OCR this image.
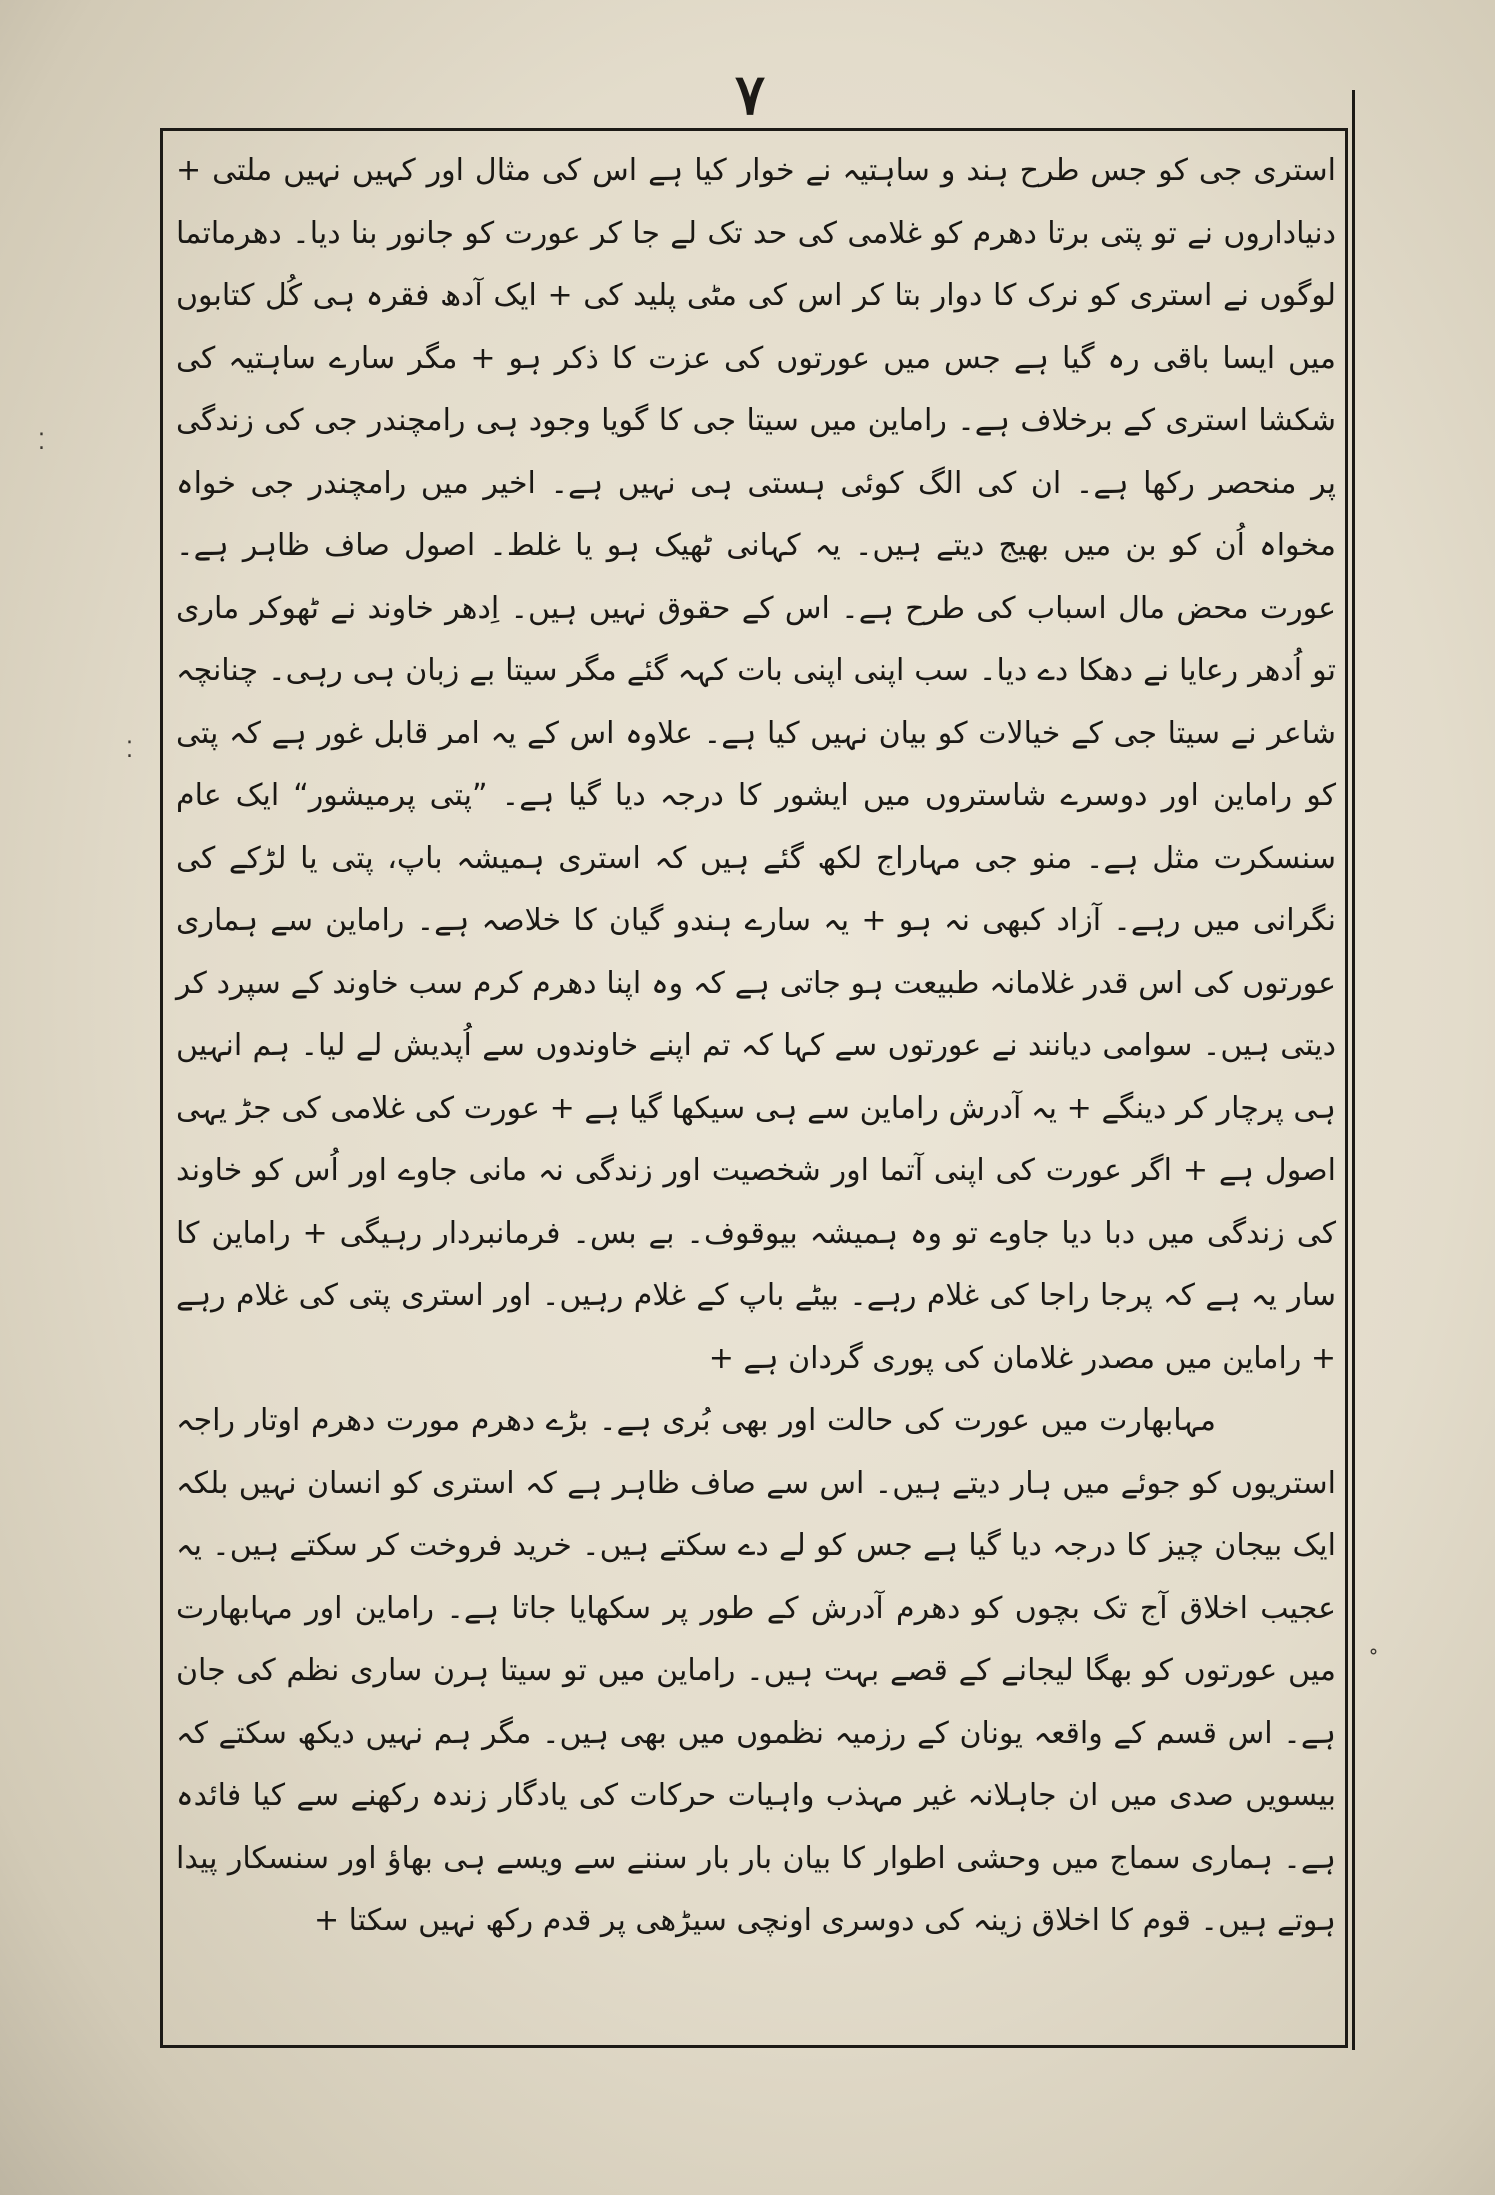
۷

استری جی کو جس طرح ہند و ساہتیہ نے خوار کیا ہے اس کی مثال اور کہیں نہیں ملتی + دنیاداروں نے تو پتی برتا دھرم کو غلامی کی حد تک لے جا کر عورت کو جانور بنا دیا۔ دھرماتما لوگوں نے استری کو نرک کا دوار بتا کر اس کی مٹی پلید کی + ایک آدھ فقرہ ہی کُل کتابوں میں ایسا باقی رہ گیا ہے جس میں عورتوں کی عزت کا ذکر ہو + مگر سارے ساہتیہ کی شکشا استری کے برخلاف ہے۔ راماین میں سیتا جی کا گویا وجود ہی رامچندر جی کی زندگی پر منحصر رکھا ہے۔ ان کی الگ کوئی ہستی ہی نہیں ہے۔ اخیر میں رامچندر جی خواہ مخواہ اُن کو بن میں بھیج دیتے ہیں۔ یہ کہانی ٹھیک ہو یا غلط۔ اصول صاف ظاہر ہے۔ عورت محض مال اسباب کی طرح ہے۔ اس کے حقوق نہیں ہیں۔ اِدھر خاوند نے ٹھوکر ماری تو اُدھر رعایا نے دھکا دے دیا۔ سب اپنی اپنی بات کہہ گئے مگر سیتا بے زبان ہی رہی۔ چنانچہ شاعر نے سیتا جی کے خیالات کو بیان نہیں کیا ہے۔ علاوہ اس کے یہ امر قابل غور ہے کہ پتی کو راماین اور دوسرے شاستروں میں ایشور کا درجہ دیا گیا ہے۔ ”پتی پرمیشور“ ایک عام سنسکرت مثل ہے۔ منو جی مہاراج لکھ گئے ہیں کہ استری ہمیشہ باپ، پتی یا لڑکے کی نگرانی میں رہے۔ آزاد کبھی نہ ہو + یہ سارے ہندو گیان کا خلاصہ ہے۔ راماین سے ہماری عورتوں کی اس قدر غلامانہ طبیعت ہو جاتی ہے کہ وہ اپنا دھرم کرم سب خاوند کے سپرد کر دیتی ہیں۔ سوامی دیانند نے عورتوں سے کہا کہ تم اپنے خاوندوں سے اُپدیش لے لیا۔ ہم انہیں ہی پرچار کر دینگے + یہ آدرش راماین سے ہی سیکھا گیا ہے + عورت کی غلامی کی جڑ یہی اصول ہے + اگر عورت کی اپنی آتما اور شخصیت اور زندگی نہ مانی جاوے اور اُس کو خاوند کی زندگی میں دبا دیا جاوے تو وہ ہمیشہ بیوقوف۔ بے بس۔ فرمانبردار رہیگی + راماین کا سار یہ ہے کہ پرجا راجا کی غلام رہے۔ بیٹے باپ کے غلام رہیں۔ اور استری پتی کی غلام رہے + راماین میں مصدر غلامان کی پوری گردان ہے +

مہابھارت میں عورت کی حالت اور بھی بُری ہے۔ بڑے دھرم مورت دھرم اوتار راجہ استریوں کو جوئے میں ہار دیتے ہیں۔ اس سے صاف ظاہر ہے کہ استری کو انسان نہیں بلکہ ایک بیجان چیز کا درجہ دیا گیا ہے جس کو لے دے سکتے ہیں۔ خرید فروخت کر سکتے ہیں۔ یہ عجیب اخلاق آج تک بچوں کو دھرم آدرش کے طور پر سکھایا جاتا ہے۔ راماین اور مہابھارت میں عورتوں کو بھگا لیجانے کے قصے بہت ہیں۔ راماین میں تو سیتا ہرن ساری نظم کی جان ہے۔ اس قسم کے واقعہ یونان کے رزمیہ نظموں میں بھی ہیں۔ مگر ہم نہیں دیکھ سکتے کہ بیسویں صدی میں ان جاہلانہ غیر مہذب واہیات حرکات کی یادگار زندہ رکھنے سے کیا فائدہ ہے۔ ہماری سماج میں وحشی اطوار کا بیان بار بار سننے سے ویسے ہی بھاؤ اور سنسکار پیدا ہوتے ہیں۔ قوم کا اخلاق زینہ کی دوسری اونچی سیڑھی پر قدم رکھ نہیں سکتا +

⁚
⁚
˳
